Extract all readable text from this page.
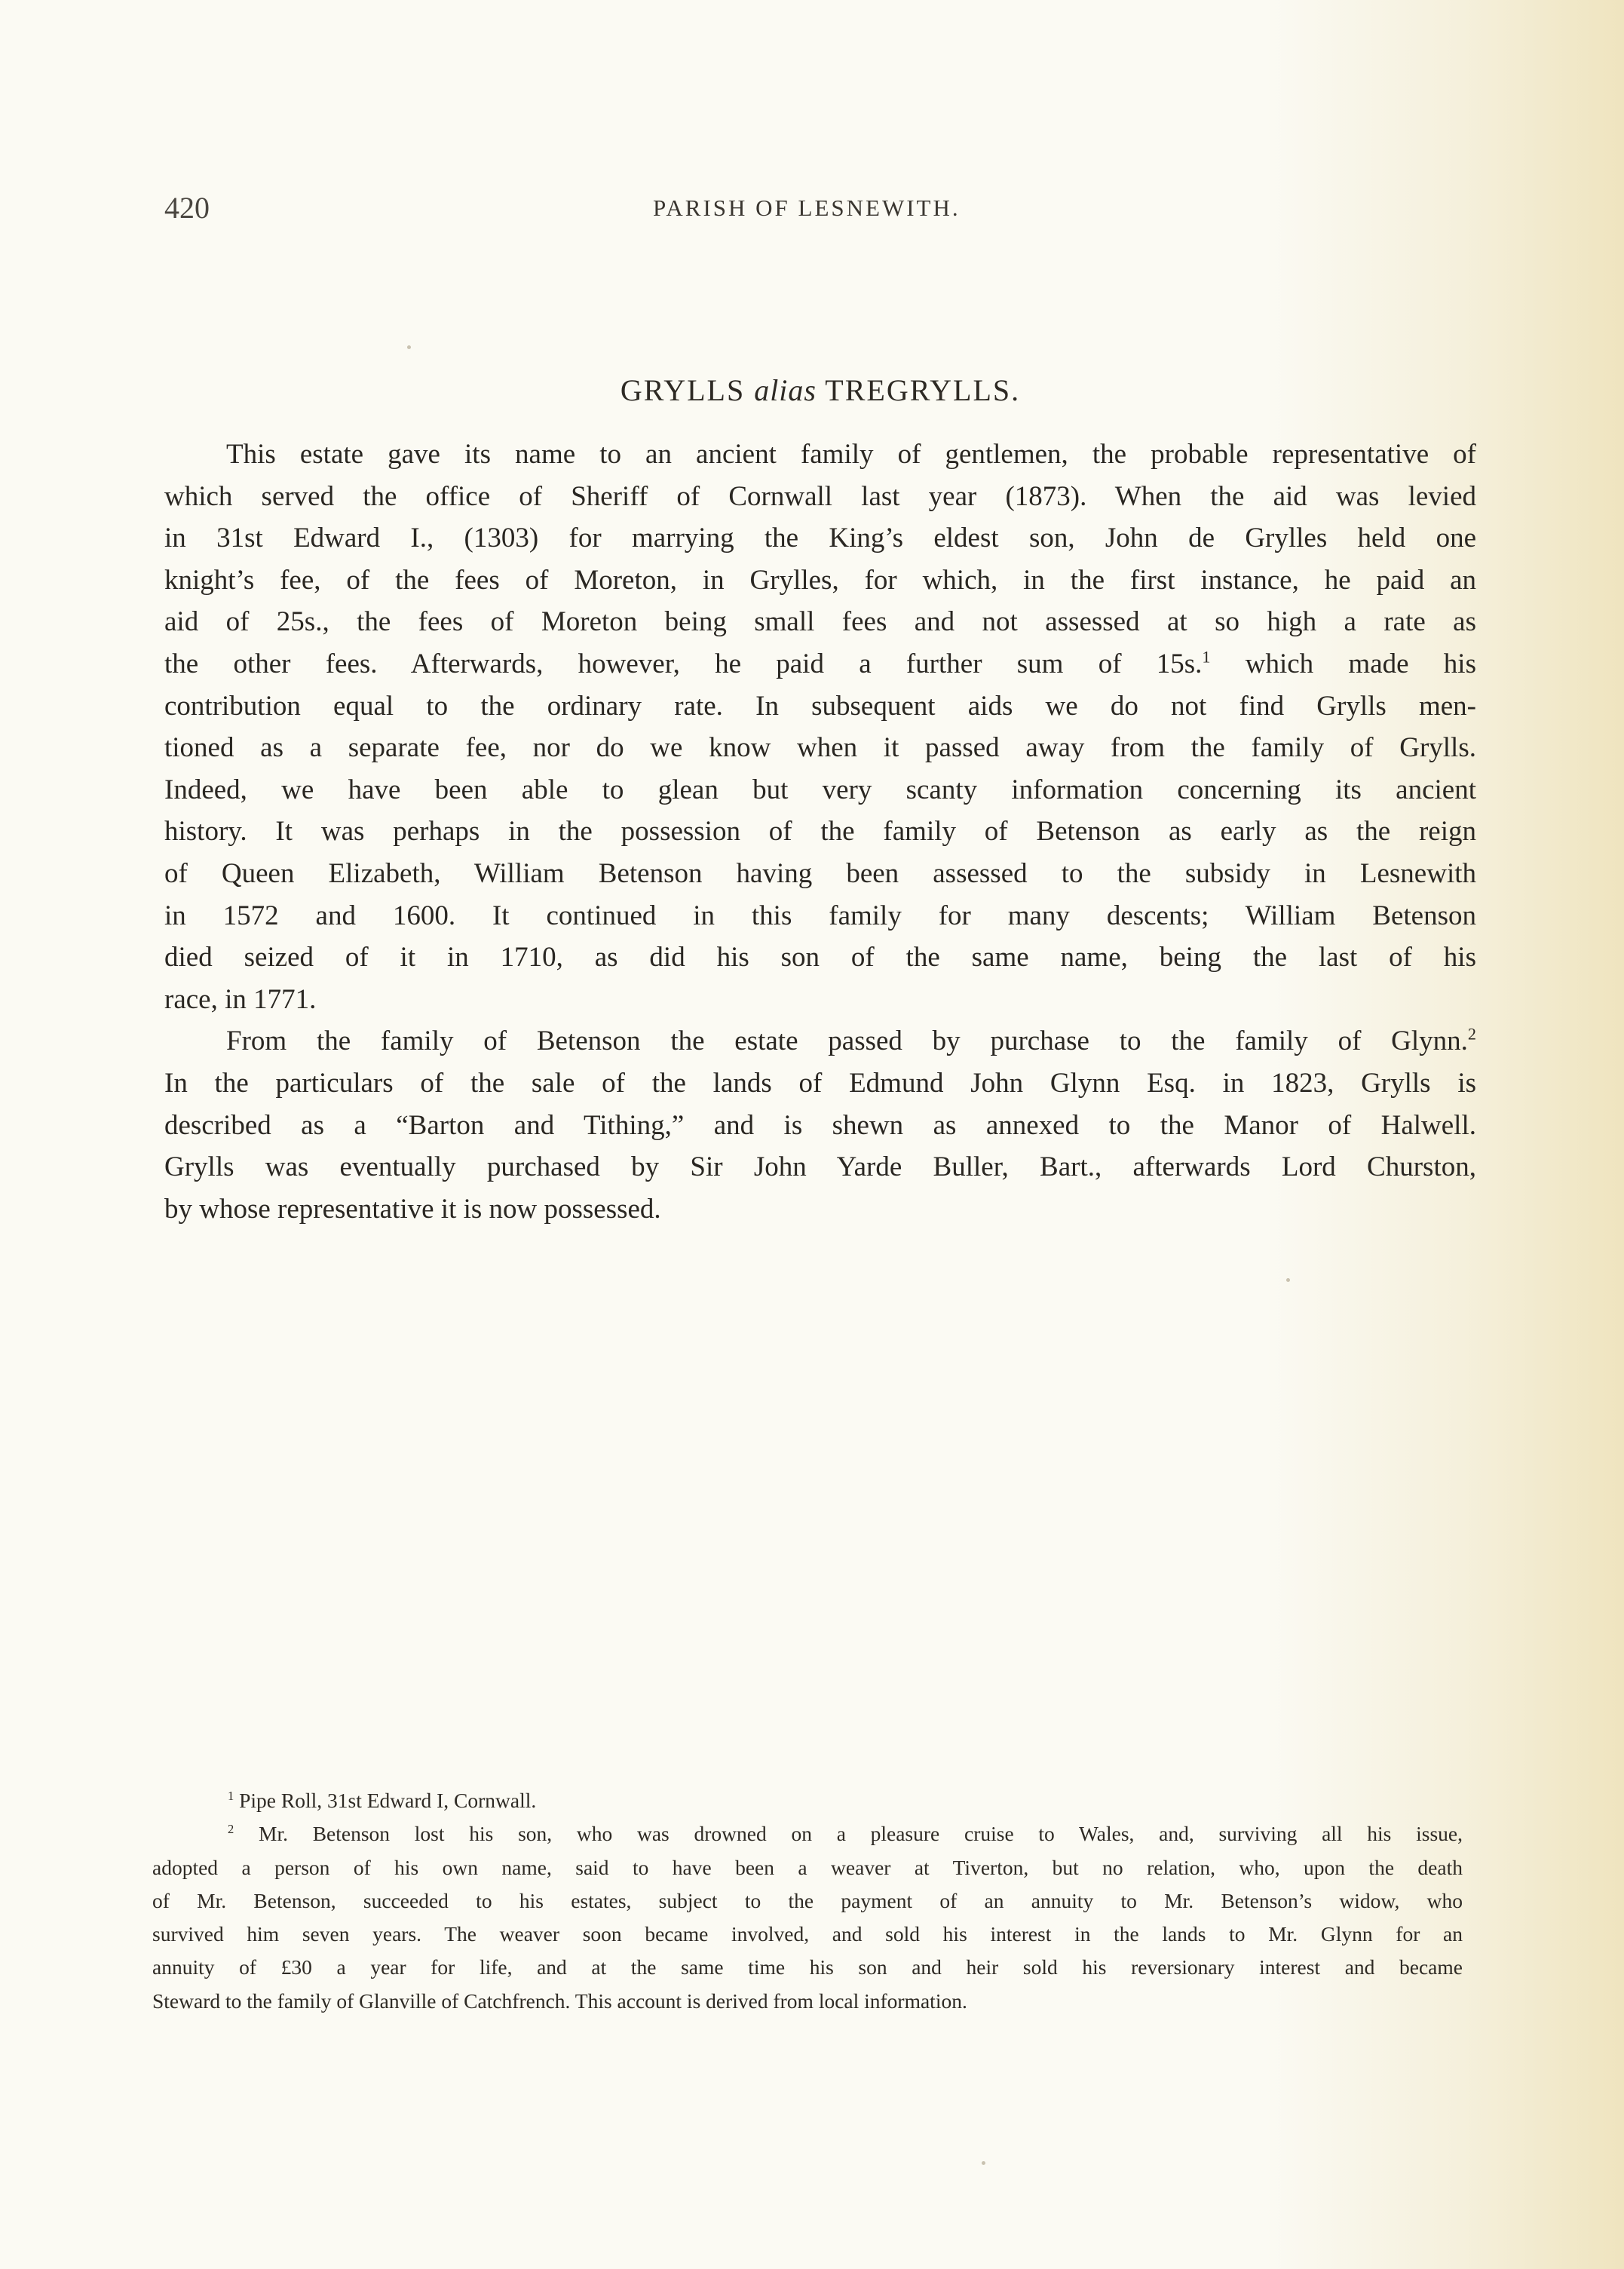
420	PARISH OF LESNEWITH.
GRYLLS alias TREGRYLLS.
This estate gave its name to an ancient family of gentlemen, the probable representative of
which served the office of Sheriff of Cornwall last year (1873). When the aid was levied
in 31st Edward I., (1303) for marrying the King’s eldest son, John de Grylles held one
knight’s fee, of the fees of Moreton, in Grylles, for which, in the first instance, he paid an
aid of 25s., the fees of Moreton being small fees and not assessed at so high a rate as
the other fees. Afterwards, however, he paid a further sum of 15s.$^1$ which made his
contribution equal to the ordinary rate. In subsequent aids we do not find Grylls men-
tioned as a separate fee, nor do we know when it passed away from the family of Grylls.
Indeed, we have been able to glean but very scanty information concerning its ancient
history. It was perhaps in the possession of the family of Betenson as early as the reign
of Queen Elizabeth, William Betenson having been assessed to the subsidy in Lesnewith
in 1572 and 1600. It continued in this family for many descents; William Betenson
died seized of it in 1710, as did his son of the same name, being the last of his
race, in 1771.
From the family of Betenson the estate passed by purchase to the family of Glynn.$^2$
In the particulars of the sale of the lands of Edmund John Glynn Esq. in 1823, Grylls is
described as a “Barton and Tithing,” and is shewn as annexed to the Manor of Halwell.
Grylls was eventually purchased by Sir John Yarde Buller, Bart., afterwards Lord Churston,
by whose representative it is now possessed.
$^1$ Pipe Roll, 31st Edward I, Cornwall.
$^2$ Mr. Betenson lost his son, who was drowned on a pleasure cruise to Wales, and, surviving all his issue,
adopted a person of his own name, said to have been a weaver at Tiverton, but no relation, who, upon the death
of Mr. Betenson, succeeded to his estates, subject to the payment of an annuity to Mr. Betenson’s widow, who
survived him seven years. The weaver soon became involved, and sold his interest in the lands to Mr. Glynn for an
annuity of £30 a year for life, and at the same time his son and heir sold his reversionary interest and became
Steward to the family of Glanville of Catchfrench. This account is derived from local information.
